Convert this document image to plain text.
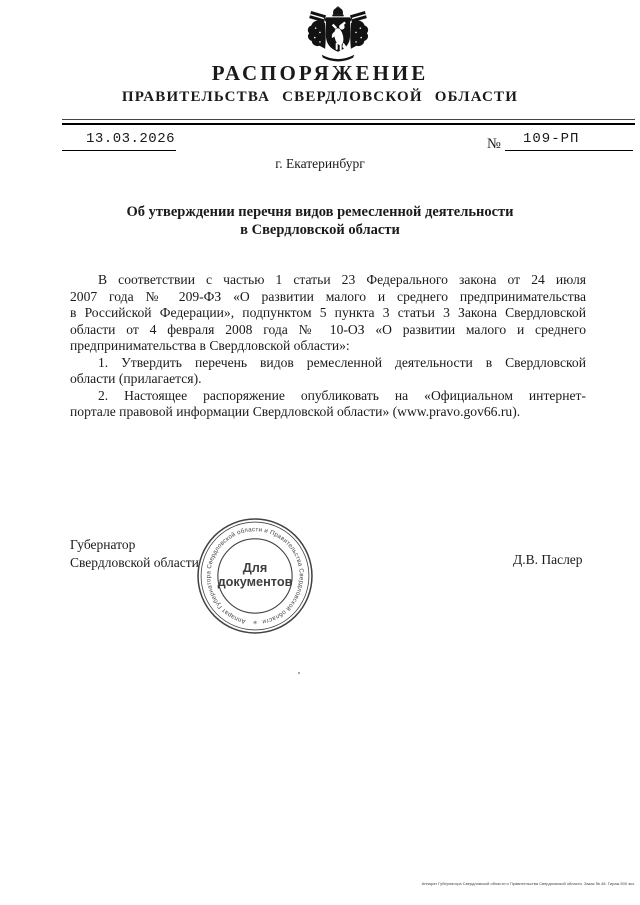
РАСПОРЯЖЕНИЕ
ПРАВИТЕЛЬСТВА СВЕРДЛОВСКОЙ ОБЛАСТИ
13.03.2026	№ 109-РП
г. Екатеринбург
Об утверждении перечня видов ремесленной деятельности
в Свердловской области
В соответствии с частью 1 статьи 23 Федерального закона от 24 июля
2007 года № 209-ФЗ «О развитии малого и среднего предпринимательства
в Российской Федерации», подпунктом 5 пункта 3 статьи 3 Закона Свердловской
области от 4 февраля 2008 года № 10-ОЗ «О развитии малого и среднего
предпринимательства в Свердловской области»:
1. Утвердить перечень видов ремесленной деятельности в Свердловской
области (прилагается).
2. Настоящее распоряжение опубликовать на «Официальном интернет-
портале правовой информации Свердловской области» (www.pravo.gov66.ru).
Губернатор
Свердловской области	Д.В. Паслер
Аппарат Губернатора Свердловской области и Правительства Свердловской области
✳
Для
документов
Аппарат Губернатора Свердловской области и Правительства Свердловской области. Заказ № 48. Тираж 500 экз.
